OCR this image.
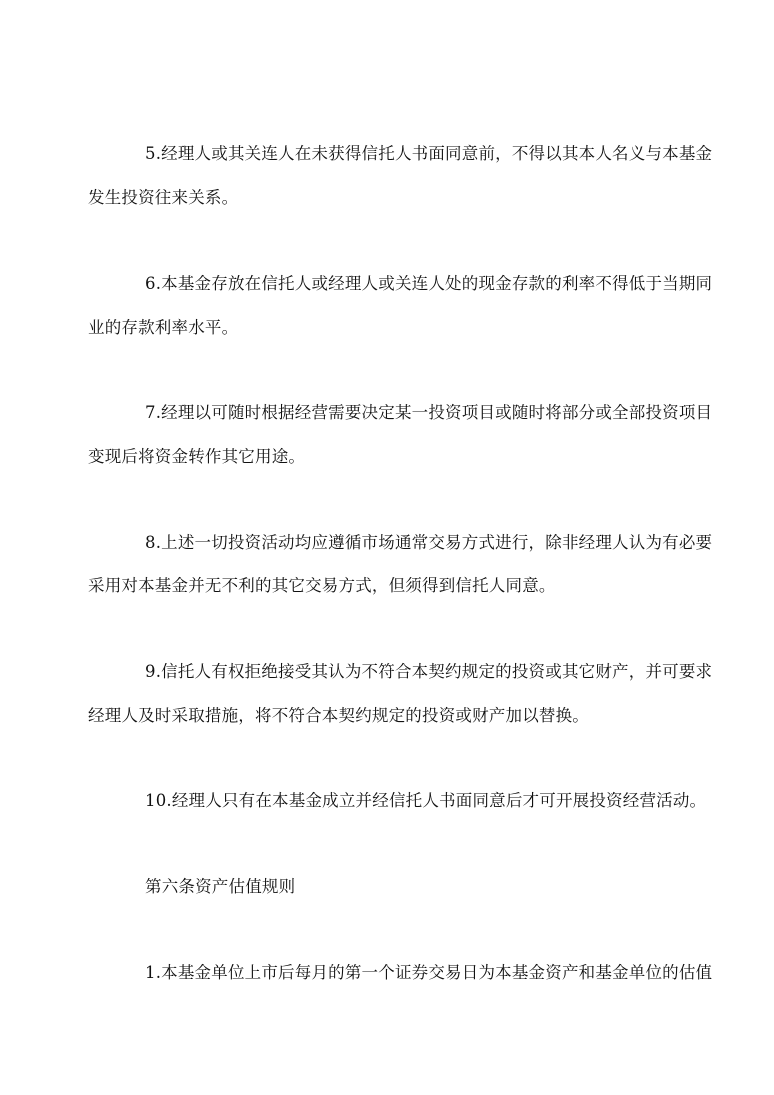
5.经理人或其关连人在未获得信托人书面同意前，不得以其本人名义与本基金
发生投资往来关系。
6.本基金存放在信托人或经理人或关连人处的现金存款的利率不得低于当期同
业的存款利率水平。
7.经理以可随时根据经营需要决定某一投资项目或随时将部分或全部投资项目
变现后将资金转作其它用途。
8.上述一切投资活动均应遵循市场通常交易方式进行，除非经理人认为有必要
采用对本基金并无不利的其它交易方式，但须得到信托人同意。
9.信托人有权拒绝接受其认为不符合本契约规定的投资或其它财产，并可要求
经理人及时采取措施，将不符合本契约规定的投资或财产加以替换。
10.经理人只有在本基金成立并经信托人书面同意后才可开展投资经营活动。
第六条资产估值规则
1.本基金单位上市后每月的第一个证券交易日为本基金资产和基金单位的估值
